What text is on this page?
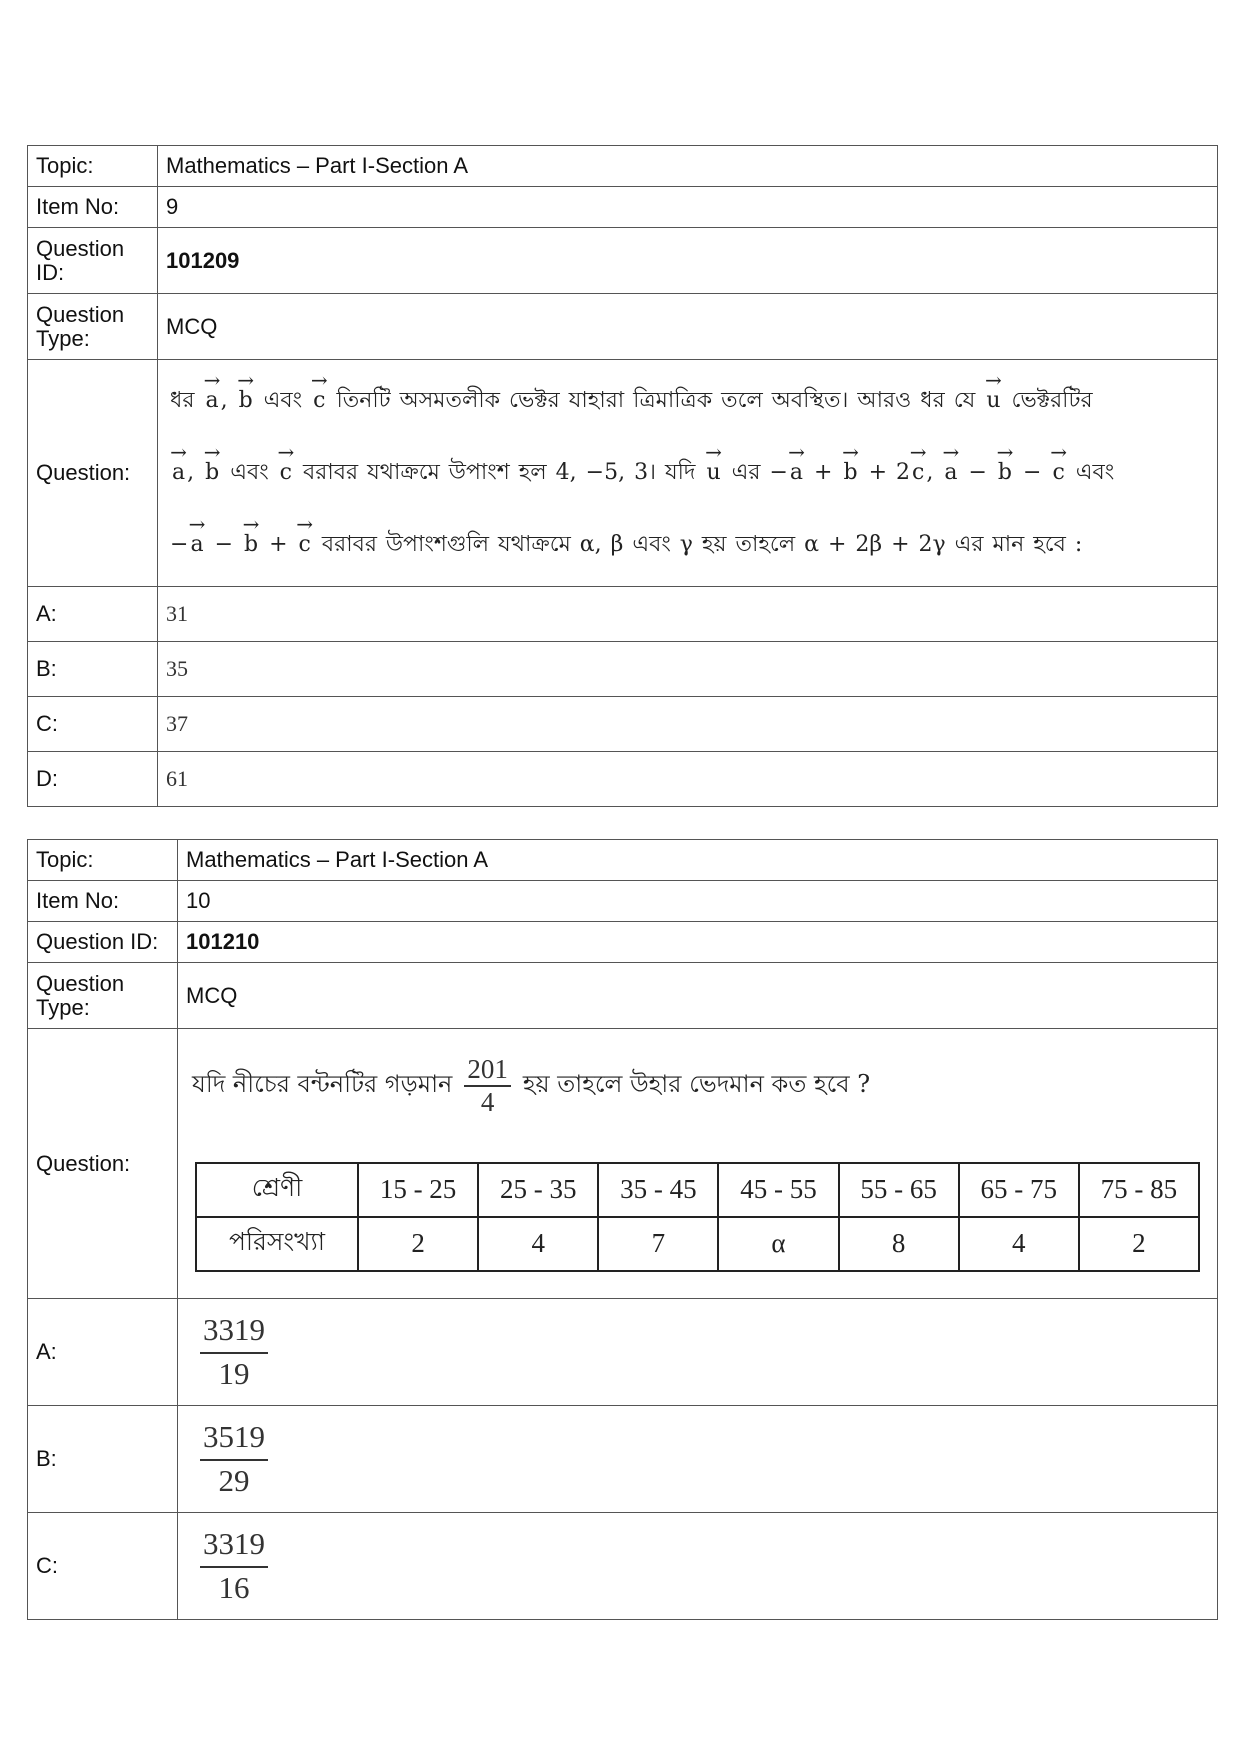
Topic:	Mathematics – Part I-Section A
Item No:	9
Question ID:	101209
Question Type:	MCQ
Question:	ধর → a, → b এবং → c তিনটি অসমতলীক ভেক্টর যাহারা ত্রিমাত্রিক তলে অবস্থিত। আরও ধর যে → u ভেক্টরটির
→ a, → b এবং → c বরাবর যথাক্রমে উপাংশ হল 4, −5, 3। যদি → u এর −→ a + → b + 2→ c, → a − → b − → c এবং
−→ a − → b + → c বরাবর উপাংশগুলি যথাক্রমে α, β এবং γ হয় তাহলে α + 2β + 2γ এর মান হবে :

A:	31
B:	35
C:	37
D:	61
Topic:	Mathematics – Part I-Section A
Item No:	10
Question ID:	101210
Question Type:	MCQ
Question:	
যদি নীচের বন্টনটির গড়মান $\frac{201}{4}$ হয় তাহলে উহার ভেদমান কত হবে ?
শ্রেণী	15 - 25	25 - 35	35 - 45	45 - 55	55 - 65	65 - 75	75 - 85
পরিসংখ্যা	2	4	7	α	8	4	2

A:	$\frac{3319}{19}$

B:	$\frac{3519}{29}$

C:	$\frac{3319}{16}$
